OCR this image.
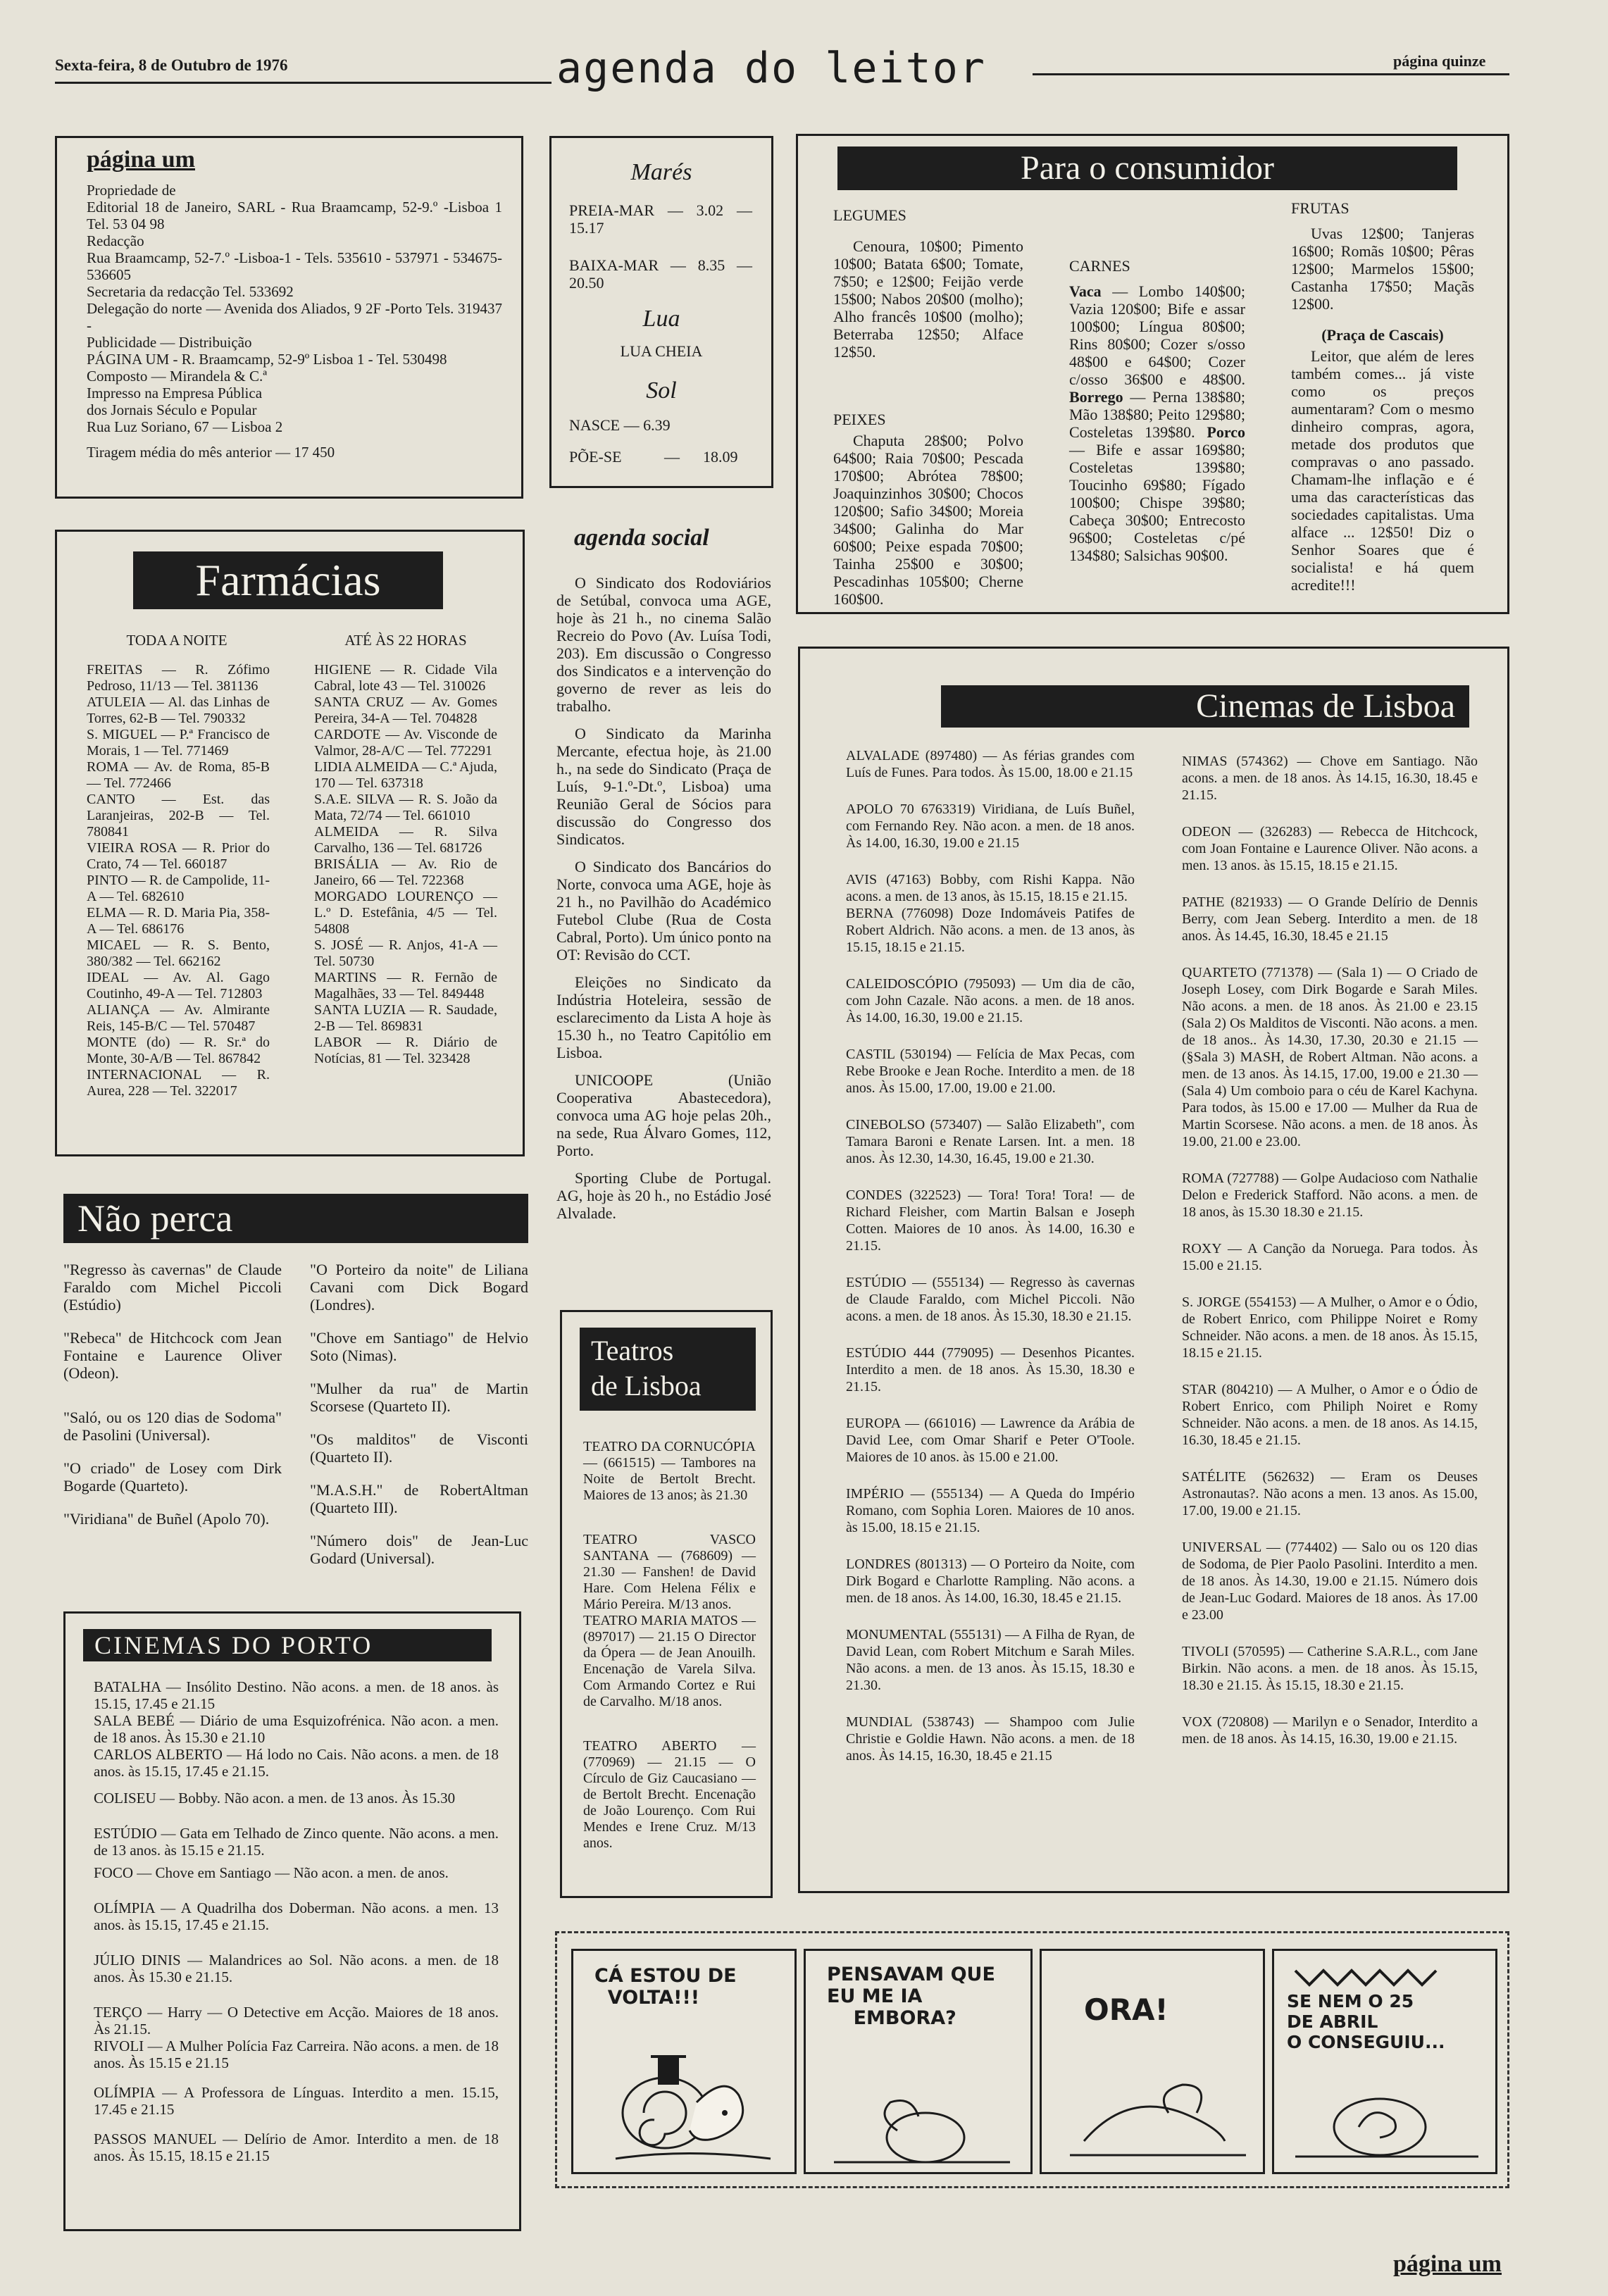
Sexta-feira, 8 de Outubro de 1976	agenda do leitor	página quinze
página um
Propriedade de
Editorial 18 de Janeiro, SARL - Rua Braamcamp, 52-9.º -Lisboa 1 Tel. 53 04 98
Redacção
Rua Braamcamp, 52-7.º -Lisboa-1 - Tels. 535610 - 537971 - 534675- 536605
Secretaria da redacção Tel. 533692
Delegação do norte — Avenida dos Aliados, 9 2F -Porto Tels. 319437 -
Publicidade — Distribuição
PÁGINA UM - R. Braamcamp, 52-9º Lisboa 1 - Tel. 530498
Composto — Mirandela & C.ª
Impresso na Empresa Pública
dos Jornais Século e Popular
Rua Luz Soriano, 67 — Lisboa 2
Tiragem média do mês anterior — 17 450
Marés
PREIA-MAR — 3.02 — 15.17
BAIXA-MAR — 8.35 — 20.50
Lua
LUA CHEIA
Sol
NASCE — 6.39
PÕE-SE	— 18.09
Para o consumidor
LEGUMES
Cenoura, 10$00; Pimento 10$00; Batata 6$00; Tomate, 7$50; e 12$00; Feijão verde 15$00; Nabos 20$00 (molho); Alho francês 10$00 (molho); Beterraba 12$50; Alface 12$50.
PEIXES
Chaputa 28$00; Polvo 64$00; Raia 70$00; Pescada 170$00; Abrótea 78$00; Joaquinzinhos 30$00; Chocos 120$00; Safio 34$00; Moreia 34$00; Galinha do Mar 60$00; Peixe espada 70$00; Tainha 25$00 e 30$00; Pescadinhas 105$00; Cherne 160$00.
CARNES
Vaca — Lombo 140$00; Vazia 120$00; Bife e assar 100$00; Língua 80$00; Rins 80$00; Cozer s/osso 48$00 e 64$00; Cozer c/osso 36$00 e 48$00. Borrego — Perna 138$80; Mão 138$80; Peito 129$80; Costeletas 139$80. Porco — Bife e assar 169$80; Costeletas 139$80; Toucinho 69$80; Fígado 100$00; Chispe 39$80; Cabeça 30$00; Entrecosto 96$00; Costeletas c/pé 134$80; Salsichas 90$00.
FRUTAS
Uvas 12$00; Tanjeras 16$00; Romãs 10$00; Pêras 12$00; Marmelos 15$00; Castanha 17$50; Maçãs 12$00.
(Praça de Cascais)
Leitor, que além de leres também comes... já viste como os preços aumentaram? Com o mesmo dinheiro compras, agora, metade dos produtos que compravas o ano passado. Chamam-lhe inflação e é uma das características das sociedades capitalistas. Uma alface ... 12$50! Diz o Senhor Soares que é socialista! e há quem acredite!!!
Farmácias
TODA A NOITE	ATÉ ÀS 22 HORAS
FREITAS — R. Zófimo Pedroso, 11/13 — Tel. 381136
ATULEIA — Al. das Linhas de Torres, 62-B — Tel. 790332
S. MIGUEL — P.ª Francisco de Morais, 1 — Tel. 771469
ROMA — Av. de Roma, 85-B — Tel. 772466
CANTO — Est. das Laranjeiras, 202-B — Tel. 780841
VIEIRA ROSA — R. Prior do Crato, 74 — Tel. 660187
PINTO — R. de Campolide, 11-A — Tel. 682610
ELMA — R. D. Maria Pia, 358-A — Tel. 686176
MICAEL — R. S. Bento, 380/382 — Tel. 662162
IDEAL — Av. Al. Gago Coutinho, 49-A — Tel. 712803
ALIANÇA — Av. Almirante Reis, 145-B/C — Tel. 570487
MONTE (do) — R. Sr.ª do Monte, 30-A/B — Tel. 867842
INTERNACIONAL — R. Aurea, 228 — Tel. 322017
HIGIENE — R. Cidade Vila Cabral, lote 43 — Tel. 310026
SANTA CRUZ — Av. Gomes Pereira, 34-A — Tel. 704828
CARDOTE — Av. Visconde de Valmor, 28-A/C — Tel. 772291
LIDIA ALMEIDA — C.ª Ajuda, 170 — Tel. 637318
S.A.E. SILVA — R. S. João da Mata, 72/74 — Tel. 661010
ALMEIDA — R. Silva Carvalho, 136 — Tel. 681726
BRISÁLIA — Av. Rio de Janeiro, 66 — Tel. 722368
MORGADO LOURENÇO — L.º D. Estefânia, 4/5 — Tel. 54808
S. JOSÉ — R. Anjos, 41-A — Tel. 50730
MARTINS — R. Fernão de Magalhães, 33 — Tel. 849448
SANTA LUZIA — R. Saudade, 2-B — Tel. 869831
LABOR — R. Diário de Notícias, 81 — Tel. 323428
agenda social

O Sindicato dos Rodoviários de Setúbal, convoca uma AGE, hoje às 21 h., no cinema Salão Recreio do Povo (Av. Luísa Todi, 203). Em discussão o Congresso dos Sindicatos e a intervenção do governo de rever as leis do trabalho.

O Sindicato da Marinha Mercante, efectua hoje, às 21.00 h., na sede do Sindicato (Praça de Luís, 9-1.º-Dt.º, Lisboa) uma Reunião Geral de Sócios para discussão do Congresso dos Sindicatos.

O Sindicato dos Bancários do Norte, convoca uma AGE, hoje às 21 h., no Pavilhão do Académico Futebol Clube (Rua de Costa Cabral, Porto). Um único ponto na OT: Revisão do CCT.

Eleições no Sindicato da Indústria Hoteleira, sessão de esclarecimento da Lista A hoje às 15.30 h., no Teatro Capitólio em Lisboa.

UNICOOPE (União Cooperativa Abastecedora), convoca uma AG hoje pelas 20h., na sede, Rua Álvaro Gomes, 112, Porto.

Sporting Clube de Portugal. AG, hoje às 20 h., no Estádio José Alvalade.

Não perca

"Regresso às cavernas" de Claude Faraldo com Michel Piccoli (Estúdio)

"Rebeca" de Hitchcock com Jean Fontaine e Laurence Oliver (Odeon).

"Saló, ou os 120 dias de Sodoma" de Pasolini (Universal).

"O criado" de Losey com Dirk Bogarde (Quarteto).

"Viridiana" de Buñel (Apolo 70).

"O Porteiro da noite" de Liliana Cavani com Dick Bogard (Londres).

"Chove em Santiago" de Helvio Soto (Nimas).

"Mulher da rua" de Martin Scorsese (Quarteto II).

"Os malditos" de Visconti (Quarteto II).

"M.A.S.H." de RobertAltman (Quarteto III).

"Número dois" de Jean-Luc Godard (Universal).

Teatros
de Lisboa

TEATRO DA CORNUCÓPIA — (661515) — Tambores na Noite de Bertolt Brecht. Maiores de 13 anos; às 21.30

TEATRO VASCO SANTANA — (768609) — 21.30 — Fanshen! de David Hare. Com Helena Félix e Mário Pereira. M/13 anos.

TEATRO MARIA MATOS — (897017) — 21.15 O Director da Ópera — de Jean Anouilh. Encenação de Varela Silva. Com Armando Cortez e Rui de Carvalho. M/18 anos.

TEATRO ABERTO — (770969) — 21.15 — O Círculo de Giz Caucasiano — de Bertolt Brecht. Encenação de João Lourenço. Com Rui Mendes e Irene Cruz. M/13 anos.

Cinemas de Lisboa

ALVALADE (897480) — As férias grandes com Luís de Funes. Para todos. Às 15.00, 18.00 e 21.15

APOLO 70 6763319) Viridiana, de Luís Buñel, com Fernando Rey. Não acon. a men. de 18 anos. Às 14.00, 16.30, 19.00 e 21.15

AVIS (47163) Bobby, com Rishi Kappa. Não acons. a men. de 13 anos, às 15.15, 18.15 e 21.15.

BERNA (776098) Doze Indomáveis Patifes de Robert Aldrich. Não acons. a men. de 13 anos, às 15.15, 18.15 e 21.15.

CALEIDOSCÓPIO (795093) — Um dia de cão, com John Cazale. Não acons. a men. de 18 anos. Às 14.00, 16.30, 19.00 e 21.15.

CASTIL (530194) — Felícia de Max Pecas, com Rebe Brooke e Jean Roche. Interdito a men. de 18 anos. Às 15.00, 17.00, 19.00 e 21.00.

CINEBOLSO (573407) — Salão Elizabeth", com Tamara Baroni e Renate Larsen. Int. a men. 18 anos. Às 12.30, 14.30, 16.45, 19.00 e 21.30.

CONDES (322523) — Tora! Tora! Tora! — de Richard Fleisher, com Martin Balsan e Joseph Cotten. Maiores de 10 anos. Às 14.00, 16.30 e 21.15.

ESTÚDIO — (555134) — Regresso às cavernas de Claude Faraldo, com Michel Piccoli. Não acons. a men. de 18 anos. Às 15.30, 18.30 e 21.15.

ESTÚDIO 444 (779095) — Desenhos Picantes. Interdito a men. de 18 anos. Às 15.30, 18.30 e 21.15.

EUROPA — (661016) — Lawrence da Arábia de David Lee, com Omar Sharif e Peter O'Toole. Maiores de 10 anos. às 15.00 e 21.00.

IMPÉRIO — (555134) — A Queda do Império Romano, com Sophia Loren. Maiores de 10 anos. às 15.00, 18.15 e 21.15.

LONDRES (801313) — O Porteiro da Noite, com Dirk Bogard e Charlotte Rampling. Não acons. a men. de 18 anos. Às 14.00, 16.30, 18.45 e 21.15.

MONUMENTAL (555131) — A Filha de Ryan, de David Lean, com Robert Mitchum e Sarah Miles. Não acons. a men. de 13 anos. Às 15.15, 18.30 e 21.30.

MUNDIAL (538743) — Shampoo com Julie Christie e Goldie Hawn. Não acons. a men. de 18 anos. Às 14.15, 16.30, 18.45 e 21.15

NIMAS (574362) — Chove em Santiago. Não acons. a men. de 18 anos. Às 14.15, 16.30, 18.45 e 21.15.

ODEON — (326283) — Rebecca de Hitchcock, com Joan Fontaine e Laurence Oliver. Não acons. a men. 13 anos. às 15.15, 18.15 e 21.15.

PATHE (821933) — O Grande Delírio de Dennis Berry, com Jean Seberg. Interdito a men. de 18 anos. Às 14.45, 16.30, 18.45 e 21.15

QUARTETO (771378) — (Sala 1) — O Criado de Joseph Losey, com Dirk Bogarde e Sarah Miles. Não acons. a men. de 18 anos. Às 21.00 e 23.15 (Sala 2) Os Malditos de Visconti. Não acons. a men. de 18 anos.. Às 14.30, 17.30, 20.30 e 21.15 — (§Sala 3) MASH, de Robert Altman. Não acons. a men. de 13 anos. Às 14.15, 17.00, 19.00 e 21.30 — (Sala 4) Um comboio para o céu de Karel Kachyna. Para todos, às 15.00 e 17.00 — Mulher da Rua de Martin Scorsese. Não acons. a men. de 18 anos. Às 19.00, 21.00 e 23.00.

ROMA (727788) — Golpe Audacioso com Nathalie Delon e Frederick Stafford. Não acons. a men. de 18 anos, às 15.30 18.30 e 21.15.

ROXY — A Canção da Noruega. Para todos. Às 15.00 e 21.15.

S. JORGE (554153) — A Mulher, o Amor e o Ódio, de Robert Enrico, com Philippe Noiret e Romy Schneider. Não acons. a men. de 18 anos. Às 15.15, 18.15 e 21.15.

STAR (804210) — A Mulher, o Amor e o Ódio de Robert Enrico, com Philiph Noiret e Romy Schneider. Não acons. a men. de 18 anos. As 14.15, 16.30, 18.45 e 21.15.

SATÉLITE (562632) — Eram os Deuses Astronautas?. Não acons a men. 13 anos. As 15.00, 17.00, 19.00 e 21.15.

UNIVERSAL — (774402) — Salo ou os 120 dias de Sodoma, de Pier Paolo Pasolini. Interdito a men. de 18 anos. Às 14.30, 19.00 e 21.15. Número dois de Jean-Luc Godard. Maiores de 18 anos. Às 17.00 e 23.00

TIVOLI (570595) — Catherine S.A.R.L., com Jane Birkin. Não acons. a men. de 18 anos. Às 15.15, 18.30 e 21.15. Às 15.15, 18.30 e 21.15.

VOX (720808) — Marilyn e o Senador, Interdito a men. de 18 anos. Às 14.15, 16.30, 19.00 e 21.15.

CINEMAS DO PORTO

BATALHA — Insólito Destino. Não acons. a men. de 18 anos. às 15.15, 17.45 e 21.15

SALA BEBÉ — Diário de uma Esquizofrénica. Não acon. a men. de 18 anos. Às 15.30 e 21.10

CARLOS ALBERTO — Há lodo no Cais. Não acons. a men. de 18 anos. às 15.15, 17.45 e 21.15.

COLISEU — Bobby. Não acon. a men. de 13 anos. Às 15.30

ESTÚDIO — Gata em Telhado de Zinco quente. Não acons. a men. de 13 anos. às 15.15 e 21.15.

FOCO — Chove em Santiago — Não acon. a men. de anos.

OLÍMPIA — A Quadrilha dos Doberman. Não acons. a men. 13 anos. às 15.15, 17.45 e 21.15.

JÚLIO DINIS — Malandrices ao Sol. Não acons. a men. de 18 anos. Às 15.30 e 21.15.

TERÇO — Harry — O Detective em Acção. Maiores de 18 anos. Às 21.15.

RIVOLI — A Mulher Polícia Faz Carreira. Não acons. a men. de 18 anos. Às 15.15 e 21.15

OLÍMPIA — A Professora de Línguas. Interdito a men. 15.15, 17.45 e 21.15

PASSOS MANUEL — Delírio de Amor. Interdito a men. de 18 anos. Às 15.15, 18.15 e 21.15

CÁ ESTOU DE
VOLTA!!!
PENSAVAM QUE
EU ME IA
EMBORA?	ORA!	SE NEM O 25
DE ABRIL
O CONSEGUIU...
página um
